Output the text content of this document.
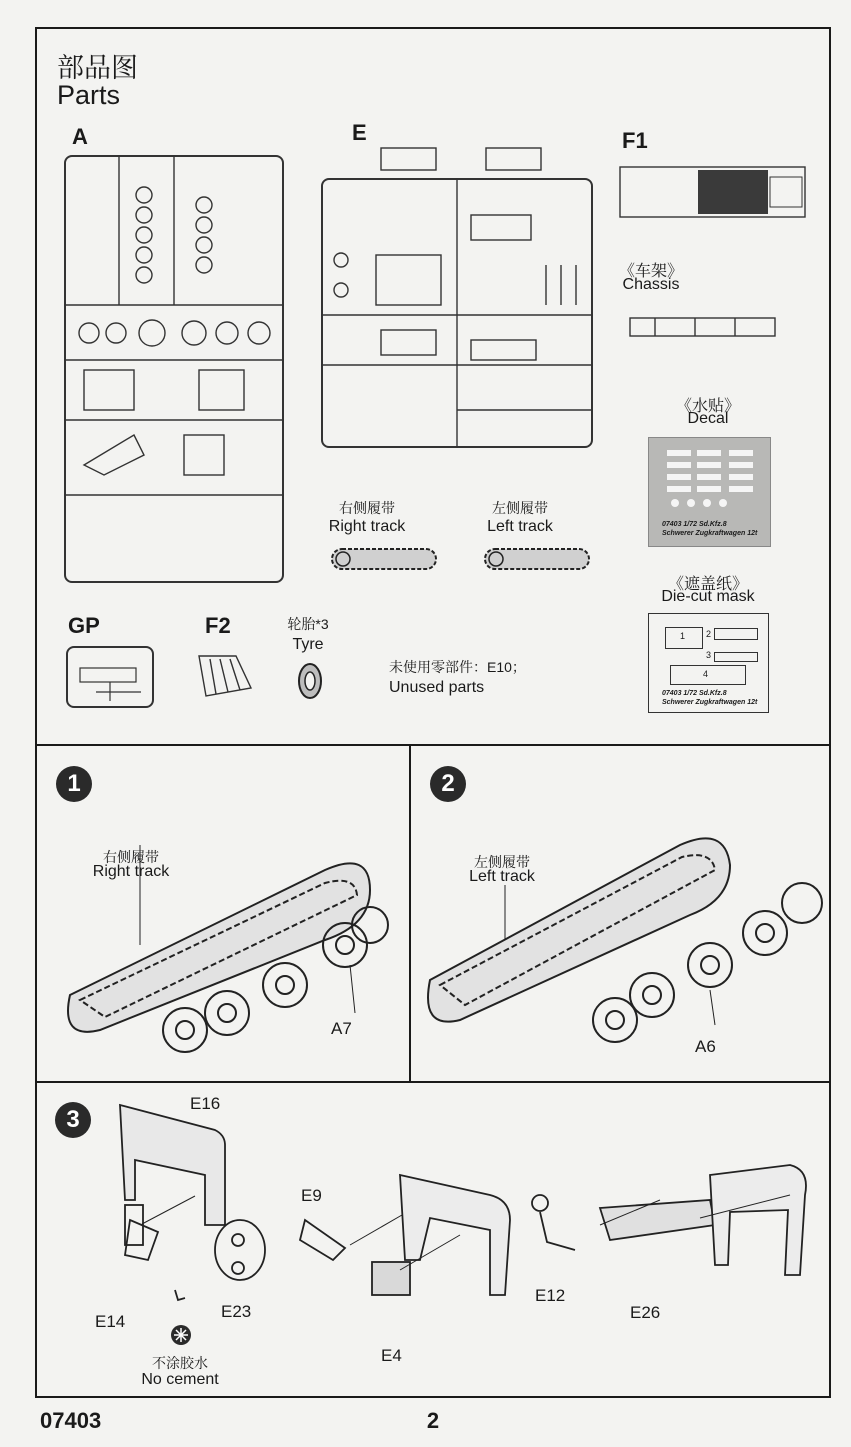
部品图
Parts
A	E	F1
《车架》
Chassis
《水贴》
Decal
07403 1/72 Sd.Kfz.8
Schwerer Zugkraftwagen 12t
《遮盖纸》
Die-cut mask
1 2
3
4
07403 1/72 Sd.Kfz.8
Schwerer Zugkraftwagen 12t
右侧履带
Right track
左侧履带
Left track
GP	F2	轮胎*3
Tyre
未使用零部件：E10；
Unused parts
1
右侧履带
Right track
A7
2
左侧履带
Left track
A6
3
E16
E14
E23
E9
E4
E12
E26
不涂胶水
No cement
07403	2
